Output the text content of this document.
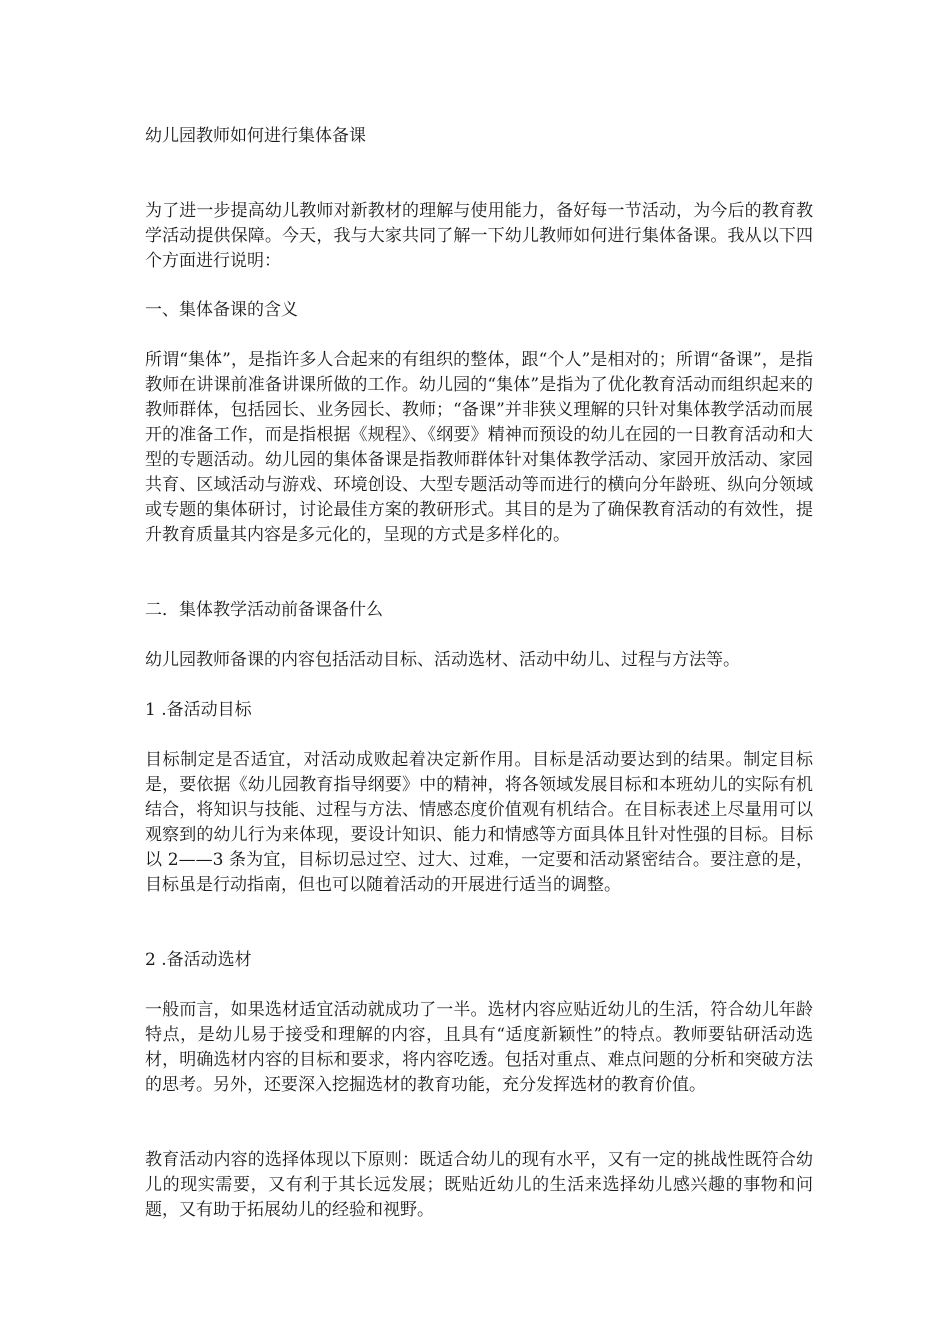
幼儿园教师如何进行集体备课
为了进一步提高幼儿教师对新教材的理解与使用能力，备好每一节活动，为今后的教育教学活动提供保障。今天，我与大家共同了解一下幼儿教师如何进行集体备课。我从以下四个方面进行说明：
一、集体备课的含义
所谓“集体”，是指许多人合起来的有组织的整体，跟“个人”是相对的；所谓“备课”，是指教师在讲课前准备讲课所做的工作。幼儿园的“集体”是指为了优化教育活动而组织起来的教师群体，包括园长、业务园长、教师；“备课”并非狭义理解的只针对集体教学活动而展开的准备工作，而是指根据《规程》、《纲要》精神而预设的幼儿在园的一日教育活动和大型的专题活动。幼儿园的集体备课是指教师群体针对集体教学活动、家园开放活动、家园共育、区域活动与游戏、环境创设、大型专题活动等而进行的横向分年龄班、纵向分领域或专题的集体研讨，讨论最佳方案的教研形式。其目的是为了确保教育活动的有效性，提升教育质量其内容是多元化的，呈现的方式是多样化的。
二．集体教学活动前备课备什么
幼儿园教师备课的内容包括活动目标、活动选材、活动中幼儿、过程与方法等。
1 .备活动目标
目标制定是否适宜，对活动成败起着决定新作用。目标是活动要达到的结果。制定目标是，要依据《幼儿园教育指导纲要》中的精神，将各领域发展目标和本班幼儿的实际有机结合，将知识与技能、过程与方法、情感态度价值观有机结合。在目标表述上尽量用可以观察到的幼儿行为来体现，要设计知识、能力和情感等方面具体且针对性强的目标。目标以 2——3 条为宜，目标切忌过空、过大、过难，一定要和活动紧密结合。要注意的是，目标虽是行动指南，但也可以随着活动的开展进行适当的调整。
2 .备活动选材
一般而言，如果选材适宜活动就成功了一半。选材内容应贴近幼儿的生活，符合幼儿年龄特点，是幼儿易于接受和理解的内容，且具有“适度新颖性”的特点。教师要钻研活动选材，明确选材内容的目标和要求，将内容吃透。包括对重点、难点问题的分析和突破方法的思考。另外，还要深入挖掘选材的教育功能，充分发挥选材的教育价值。
教育活动内容的选择体现以下原则：既适合幼儿的现有水平，又有一定的挑战性既符合幼儿的现实需要，又有利于其长远发展；既贴近幼儿的生活来选择幼儿感兴趣的事物和问题，又有助于拓展幼儿的经验和视野。
